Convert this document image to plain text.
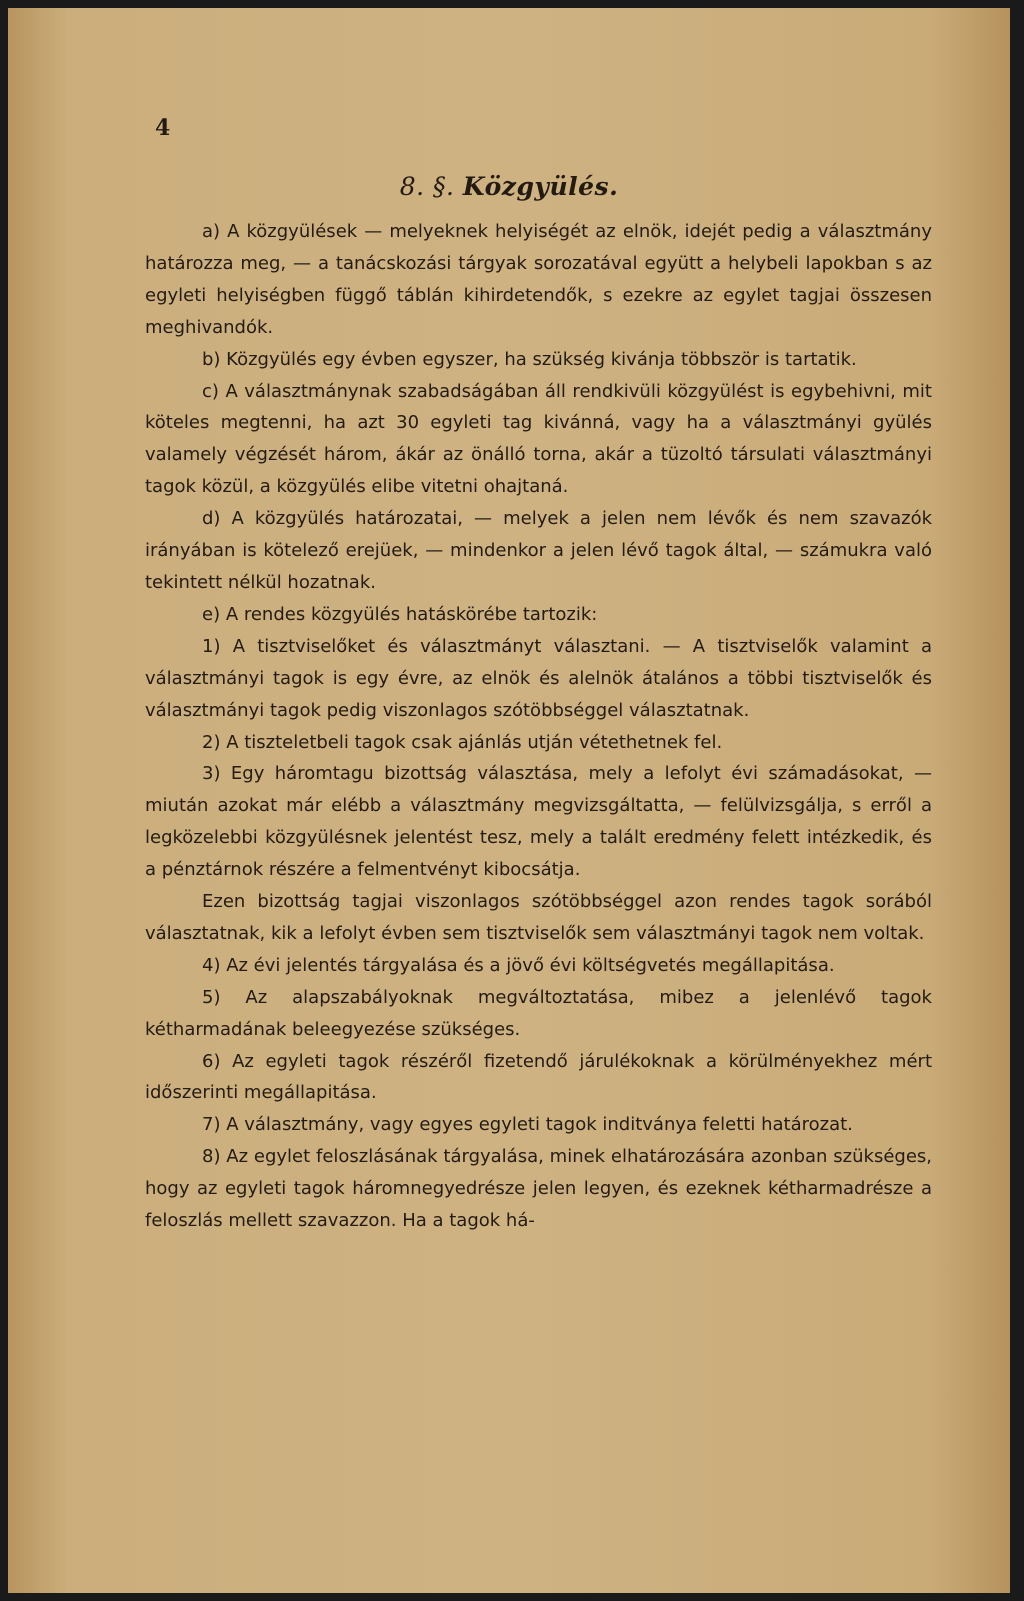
4
8. §. Közgyülés.

a) A közgyülések — melyeknek helyiségét az elnök, idejét pedig a választmány határozza meg, — a tanácskozási tárgyak sorozatával együtt a helybeli lapokban s az egyleti helyiségben függő táblán kihirdetendők, s ezekre az egylet tagjai összesen meghivandók.

b) Közgyülés egy évben egyszer, ha szükség kivánja többször is tartatik.

c) A választmánynak szabadságában áll rendkivüli közgyülést is egybehivni, mit köteles megtenni, ha azt 30 egyleti tag kivánná, vagy ha a választmányi gyülés valamely végzését három, ákár az önálló torna, akár a tüzoltó társulati választmányi tagok közül, a közgyülés elibe vitetni ohajtaná.

d) A közgyülés határozatai, — melyek a jelen nem lévők és nem szavazók irányában is kötelező erejüek, — mindenkor a jelen lévő tagok által, — számukra való tekintett nélkül hozatnak.

e) A rendes közgyülés hatáskörébe tartozik:

1) A tisztviselőket és választmányt választani. — A tisztviselők valamint a választmányi tagok is egy évre, az elnök és alelnök átalános a többi tisztviselők és választmányi tagok pedig viszonlagos szótöbbséggel választatnak.

2) A tiszteletbeli tagok csak ajánlás utján vétethetnek fel.

3) Egy háromtagu bizottság választása, mely a lefolyt évi számadásokat, — miután azokat már elébb a választmány megvizsgáltatta, — felülvizsgálja, s erről a legközelebbi közgyülésnek jelentést tesz, mely a talált eredmény felett intézkedik, és a pénztárnok részére a felmentvényt kibocsátja.

Ezen bizottság tagjai viszonlagos szótöbbséggel azon rendes tagok sorából választatnak, kik a lefolyt évben sem tisztviselők sem választmányi tagok nem voltak.

4) Az évi jelentés tárgyalása és a jövő évi költségvetés megállapitása.

5) Az alapszabályoknak megváltoztatása, mibez a jelenlévő tagok kétharmadának beleegyezése szükséges.

6) Az egyleti tagok részéről fizetendő járulékoknak a körülményekhez mért időszerinti megállapitása.

7) A választmány, vagy egyes egyleti tagok inditványa feletti határozat.

8) Az egylet feloszlásának tárgyalása, minek elhatározására azonban szükséges, hogy az egyleti tagok háromnegyedrésze jelen legyen, és ezeknek kétharmadrésze a feloszlás mellett szavazzon. Ha a tagok há-
